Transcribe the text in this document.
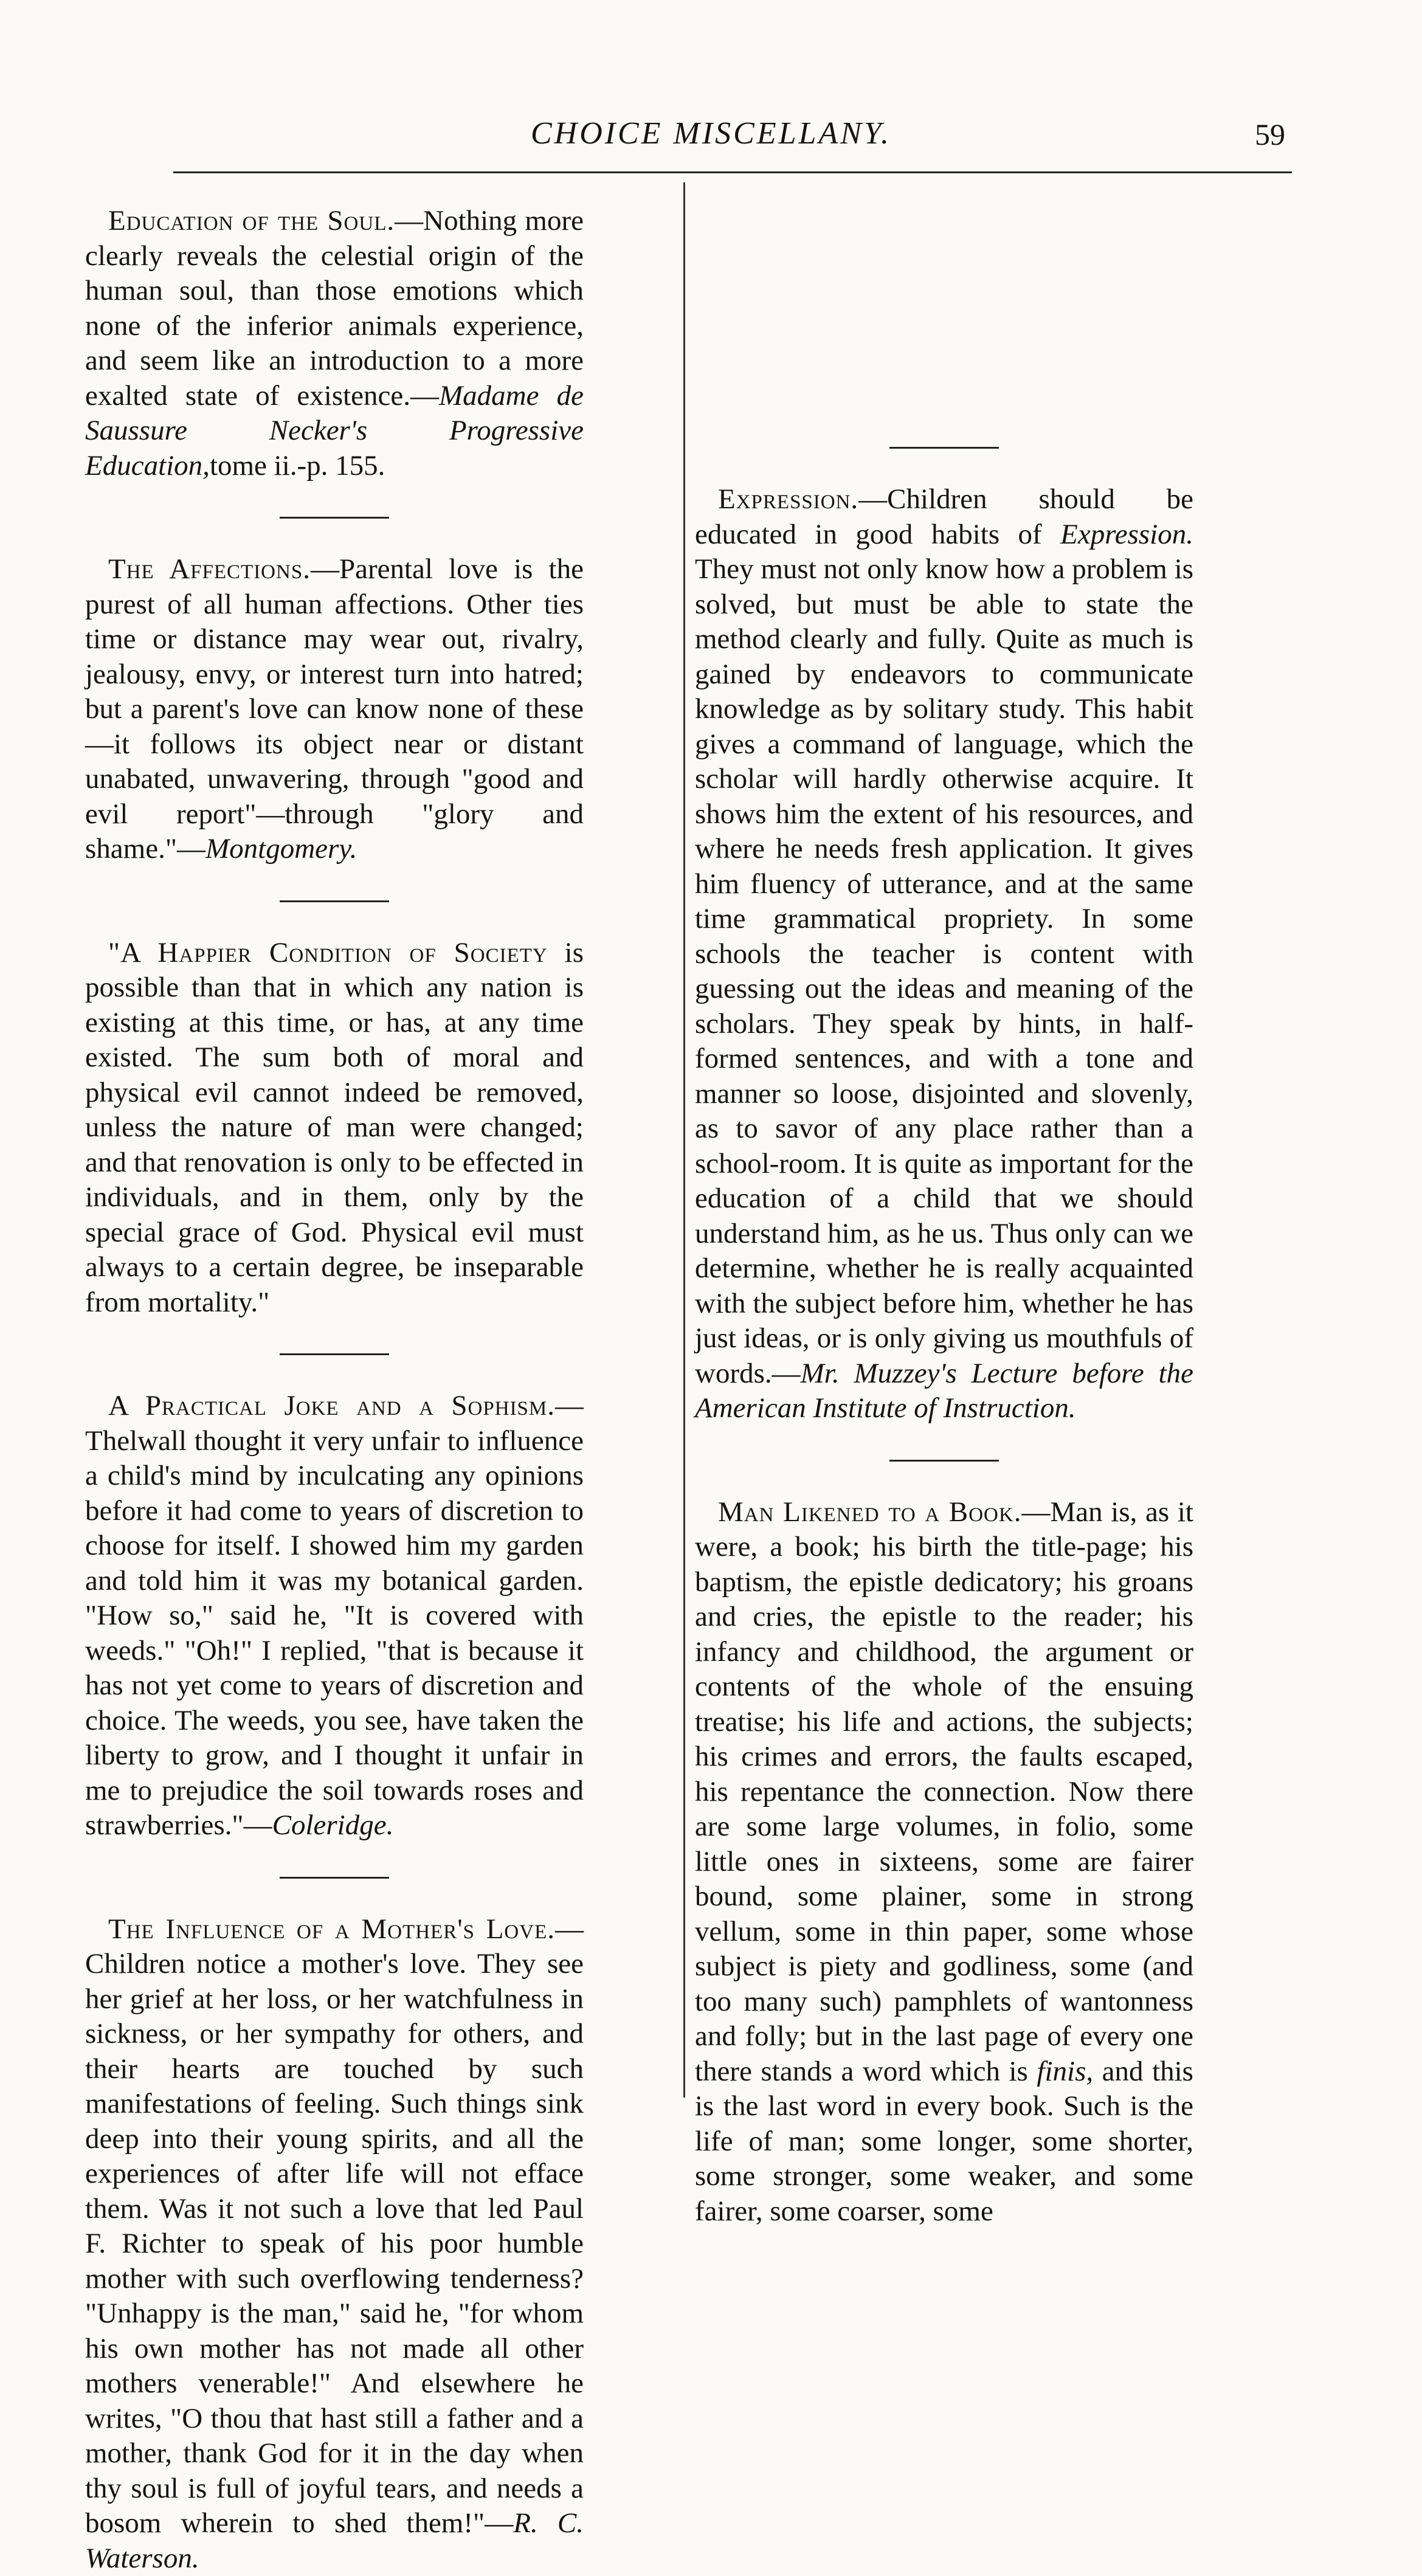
CHOICE MISCELLANY.	59

Education of the Soul.—Nothing more clearly reveals the celestial origin of the human soul, than those emotions which none of the inferior animals experience, and seem like an introduction to a more exalted state of existence.—Madame de Saussure Necker's Progressive Education,tome ii.-p. 155.

The Affections.—Parental love is the purest of all human affections. Other ties time or distance may wear out, rivalry, jealousy, envy, or interest turn into hatred; but a parent's love can know none of these —it follows its object near or distant unabated, unwavering, through "good and evil report"—through "glory and shame."—Montgomery.

"A Happier Condition of Society is possible than that in which any nation is existing at this time, or has, at any time existed. The sum both of moral and physical evil cannot indeed be removed, unless the nature of man were changed; and that renovation is only to be effected in individuals, and in them, only by the special grace of God. Physical evil must always to a certain degree, be inseparable from mortality."

A Practical Joke and a Sophism.—Thelwall thought it very unfair to influence a child's mind by inculcating any opinions before it had come to years of discretion to choose for itself. I showed him my garden and told him it was my botanical garden. "How so," said he, "It is covered with weeds." "Oh!" I replied, "that is because it has not yet come to years of discretion and choice. The weeds, you see, have taken the liberty to grow, and I thought it unfair in me to prejudice the soil towards roses and strawberries."—Coleridge.

The Influence of a Mother's Love.—Children notice a mother's love. They see her grief at her loss, or her watchfulness in sickness, or her sympathy for others, and their hearts are touched by such manifestations of feeling. Such things sink deep into their young spirits, and all the experiences of after life will not efface them. Was it not such a love that led Paul F. Richter to speak of his poor humble mother with such overflowing tenderness? "Unhappy is the man," said he, "for whom his own mother has not made all other mothers venerable!" And elsewhere he writes, "O thou that hast still a father and a mother, thank God for it in the day when thy soul is full of joyful tears, and needs a bosom wherein to shed them!"—R. C. Waterson.

Expression.—Children should be educated in good habits of Expression. They must not only know how a problem is solved, but must be able to state the method clearly and fully. Quite as much is gained by endeavors to communicate knowledge as by solitary study. This habit gives a command of language, which the scholar will hardly otherwise acquire. It shows him the extent of his resources, and where he needs fresh application. It gives him fluency of utterance, and at the same time grammatical propriety. In some schools the teacher is content with guessing out the ideas and meaning of the scholars. They speak by hints, in half-formed sentences, and with a tone and manner so loose, disjointed and slovenly, as to savor of any place rather than a school-room. It is quite as important for the education of a child that we should understand him, as he us. Thus only can we determine, whether he is really acquainted with the subject before him, whether he has just ideas, or is only giving us mouthfuls of words.—Mr. Muzzey's Lecture before the American Institute of Instruction.

Man Likened to a Book.—Man is, as it were, a book; his birth the title-page; his baptism, the epistle dedicatory; his groans and cries, the epistle to the reader; his infancy and childhood, the argument or contents of the whole of the ensuing treatise; his life and actions, the subjects; his crimes and errors, the faults escaped, his repentance the connection. Now there are some large volumes, in folio, some little ones in sixteens, some are fairer bound, some plainer, some in strong vellum, some in thin paper, some whose subject is piety and godliness, some (and too many such) pamphlets of wantonness and folly; but in the last page of every one there stands a word which is finis, and this is the last word in every book. Such is the life of man; some longer, some shorter, some stronger, some weaker, and some fairer, some coarser, some
